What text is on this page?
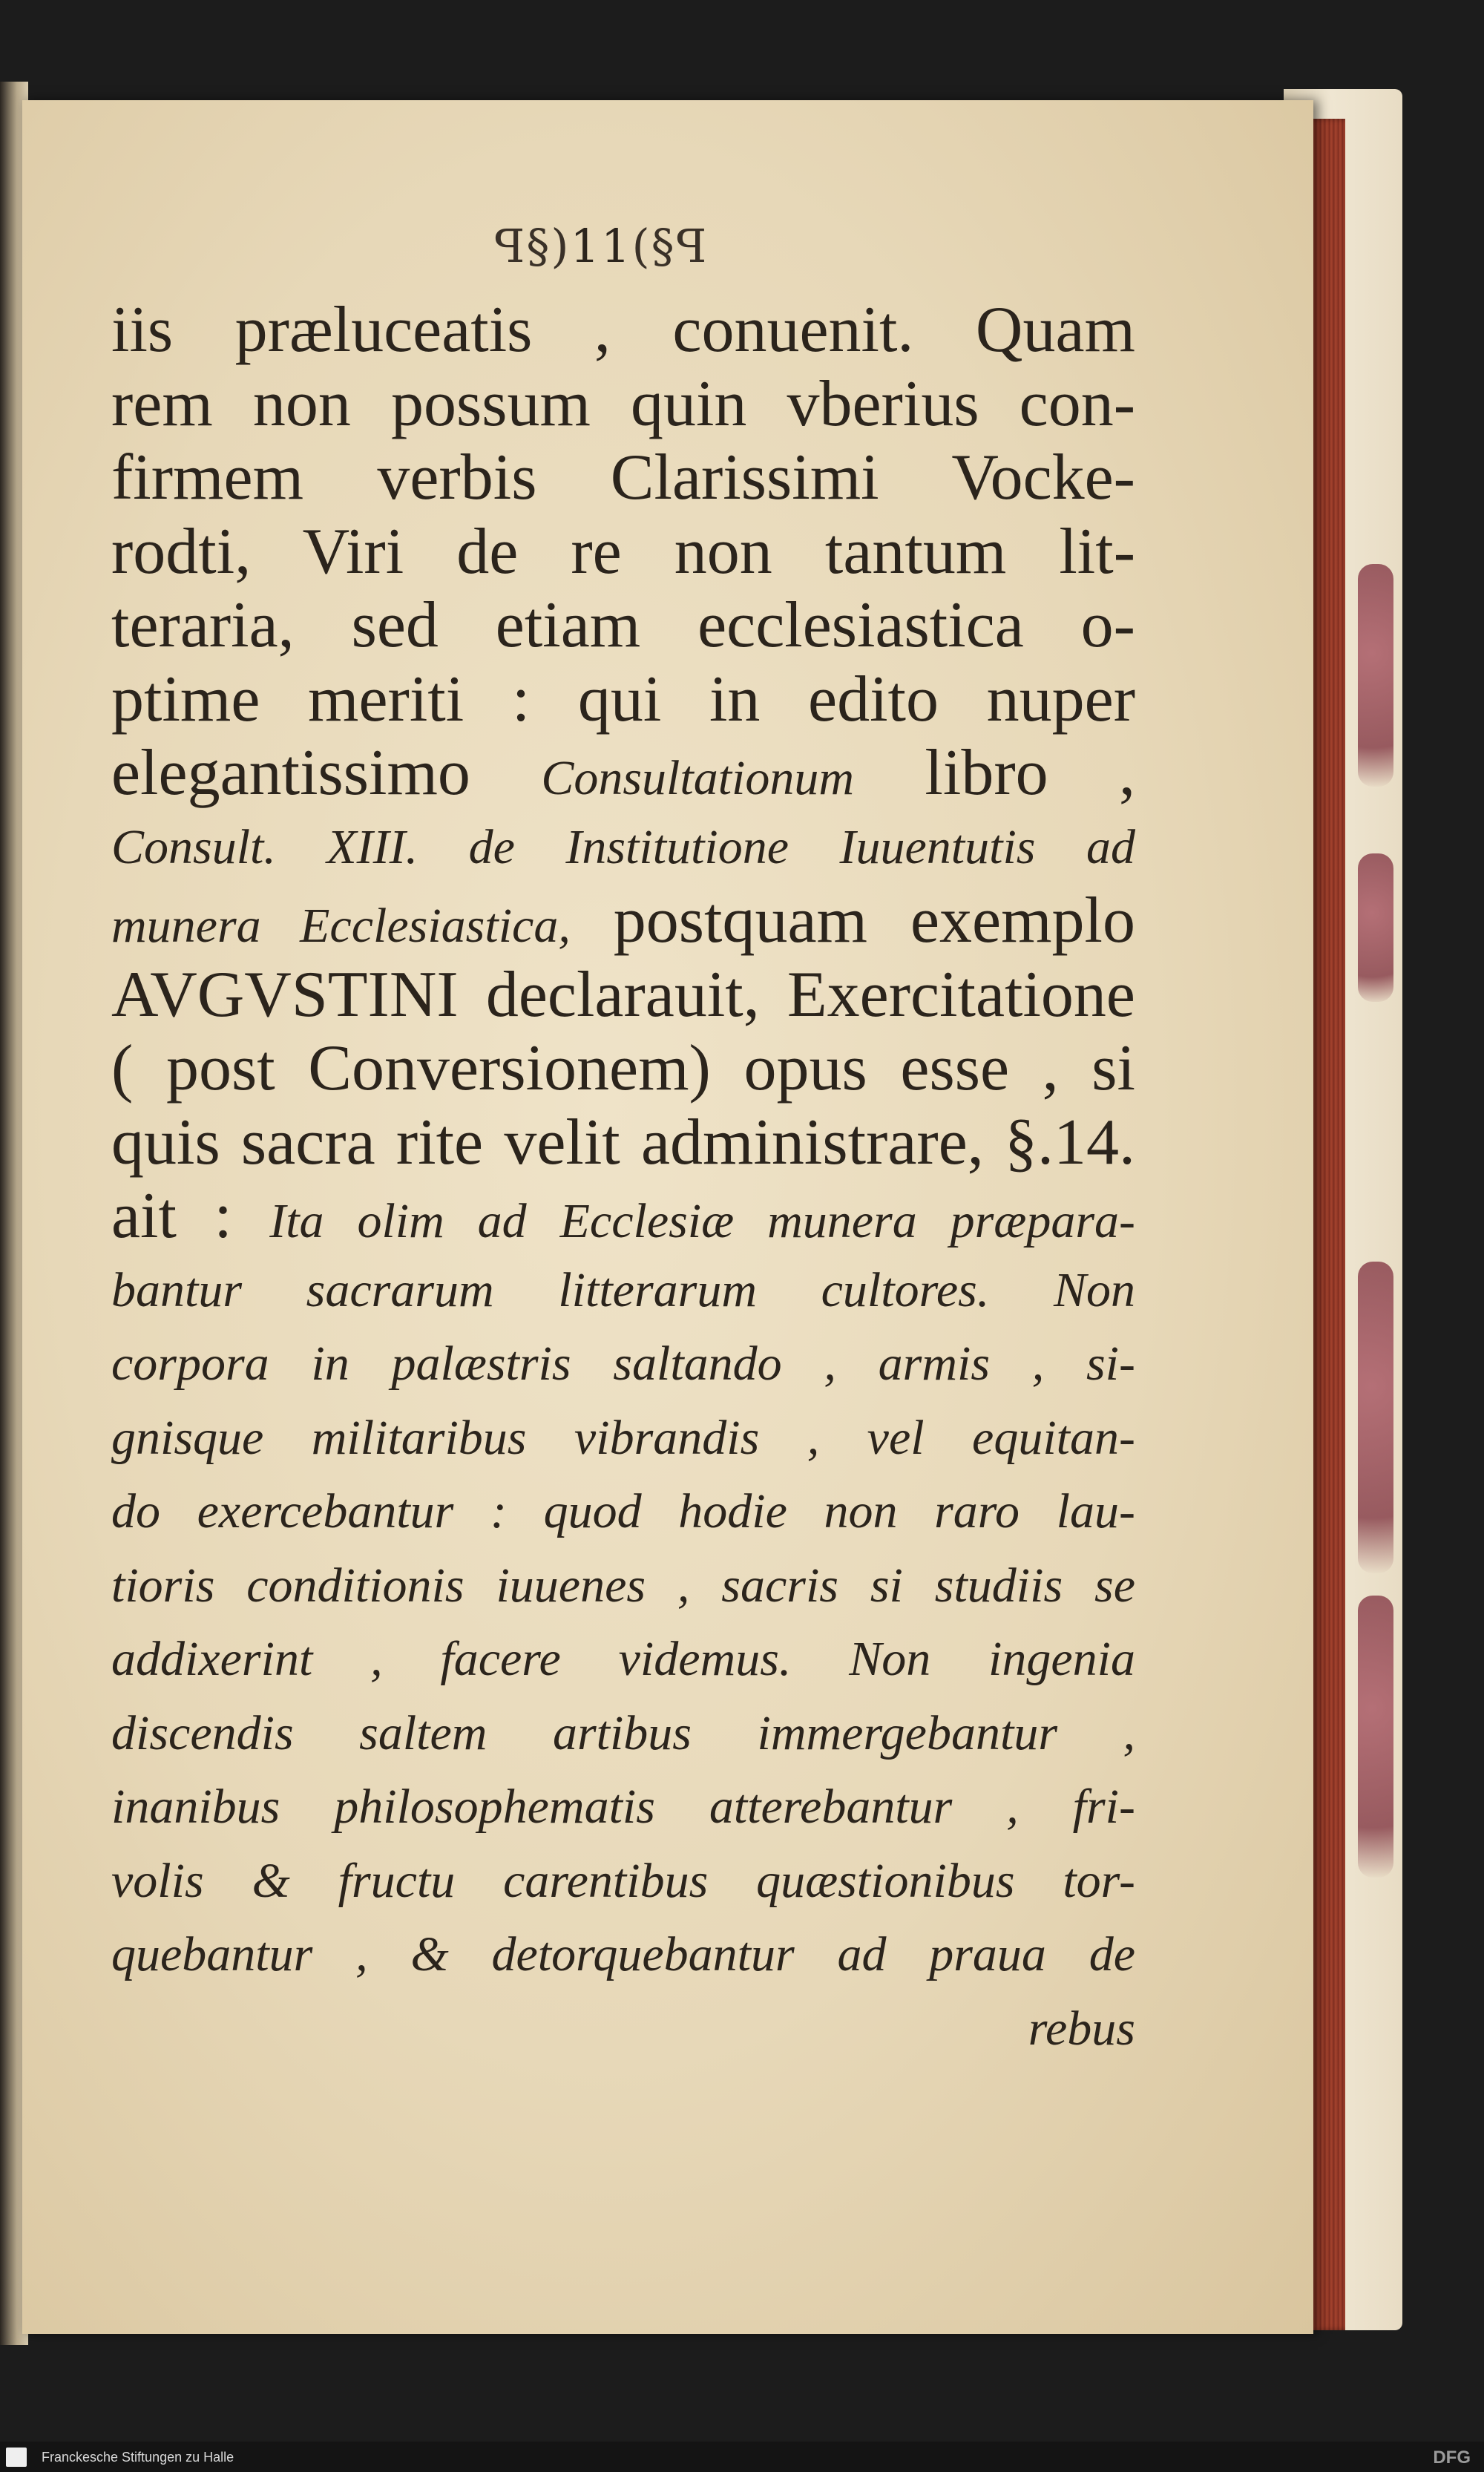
ꟼ§)11(§ꟼ
iis præluceatis , conuenit. Quam
rem non possum quin vberius con-
firmem verbis Clarissimi Vocke-
rodti, Viri de re non tantum lit-
teraria, sed etiam ecclesiastica o-
ptime meriti : qui in edito nuper
elegantissimo Consultationum libro ,
Consult. XIII. de Institutione Iuuentutis ad
munera Ecclesiastica, postquam exemplo
AVGVSTINI declarauit, Exercitatione
( post Conversionem) opus esse , si
quis sacra rite velit administrare, §.14.
ait : Ita olim ad Ecclesiæ munera præpara-
bantur sacrarum litterarum cultores. Non
corpora in palæstris saltando , armis , si-
gnisque militaribus vibrandis , vel equitan-
do exercebantur : quod hodie non raro lau-
tioris conditionis iuuenes , sacris si studiis se
addixerint , facere videmus. Non ingenia
discendis saltem artibus immergebantur ,
inanibus philosophematis atterebantur , fri-
volis & fructu carentibus quæstionibus tor-
quebantur , & detorquebantur ad praua de
rebus
Franckesche Stiftungen zu Halle	DFG
